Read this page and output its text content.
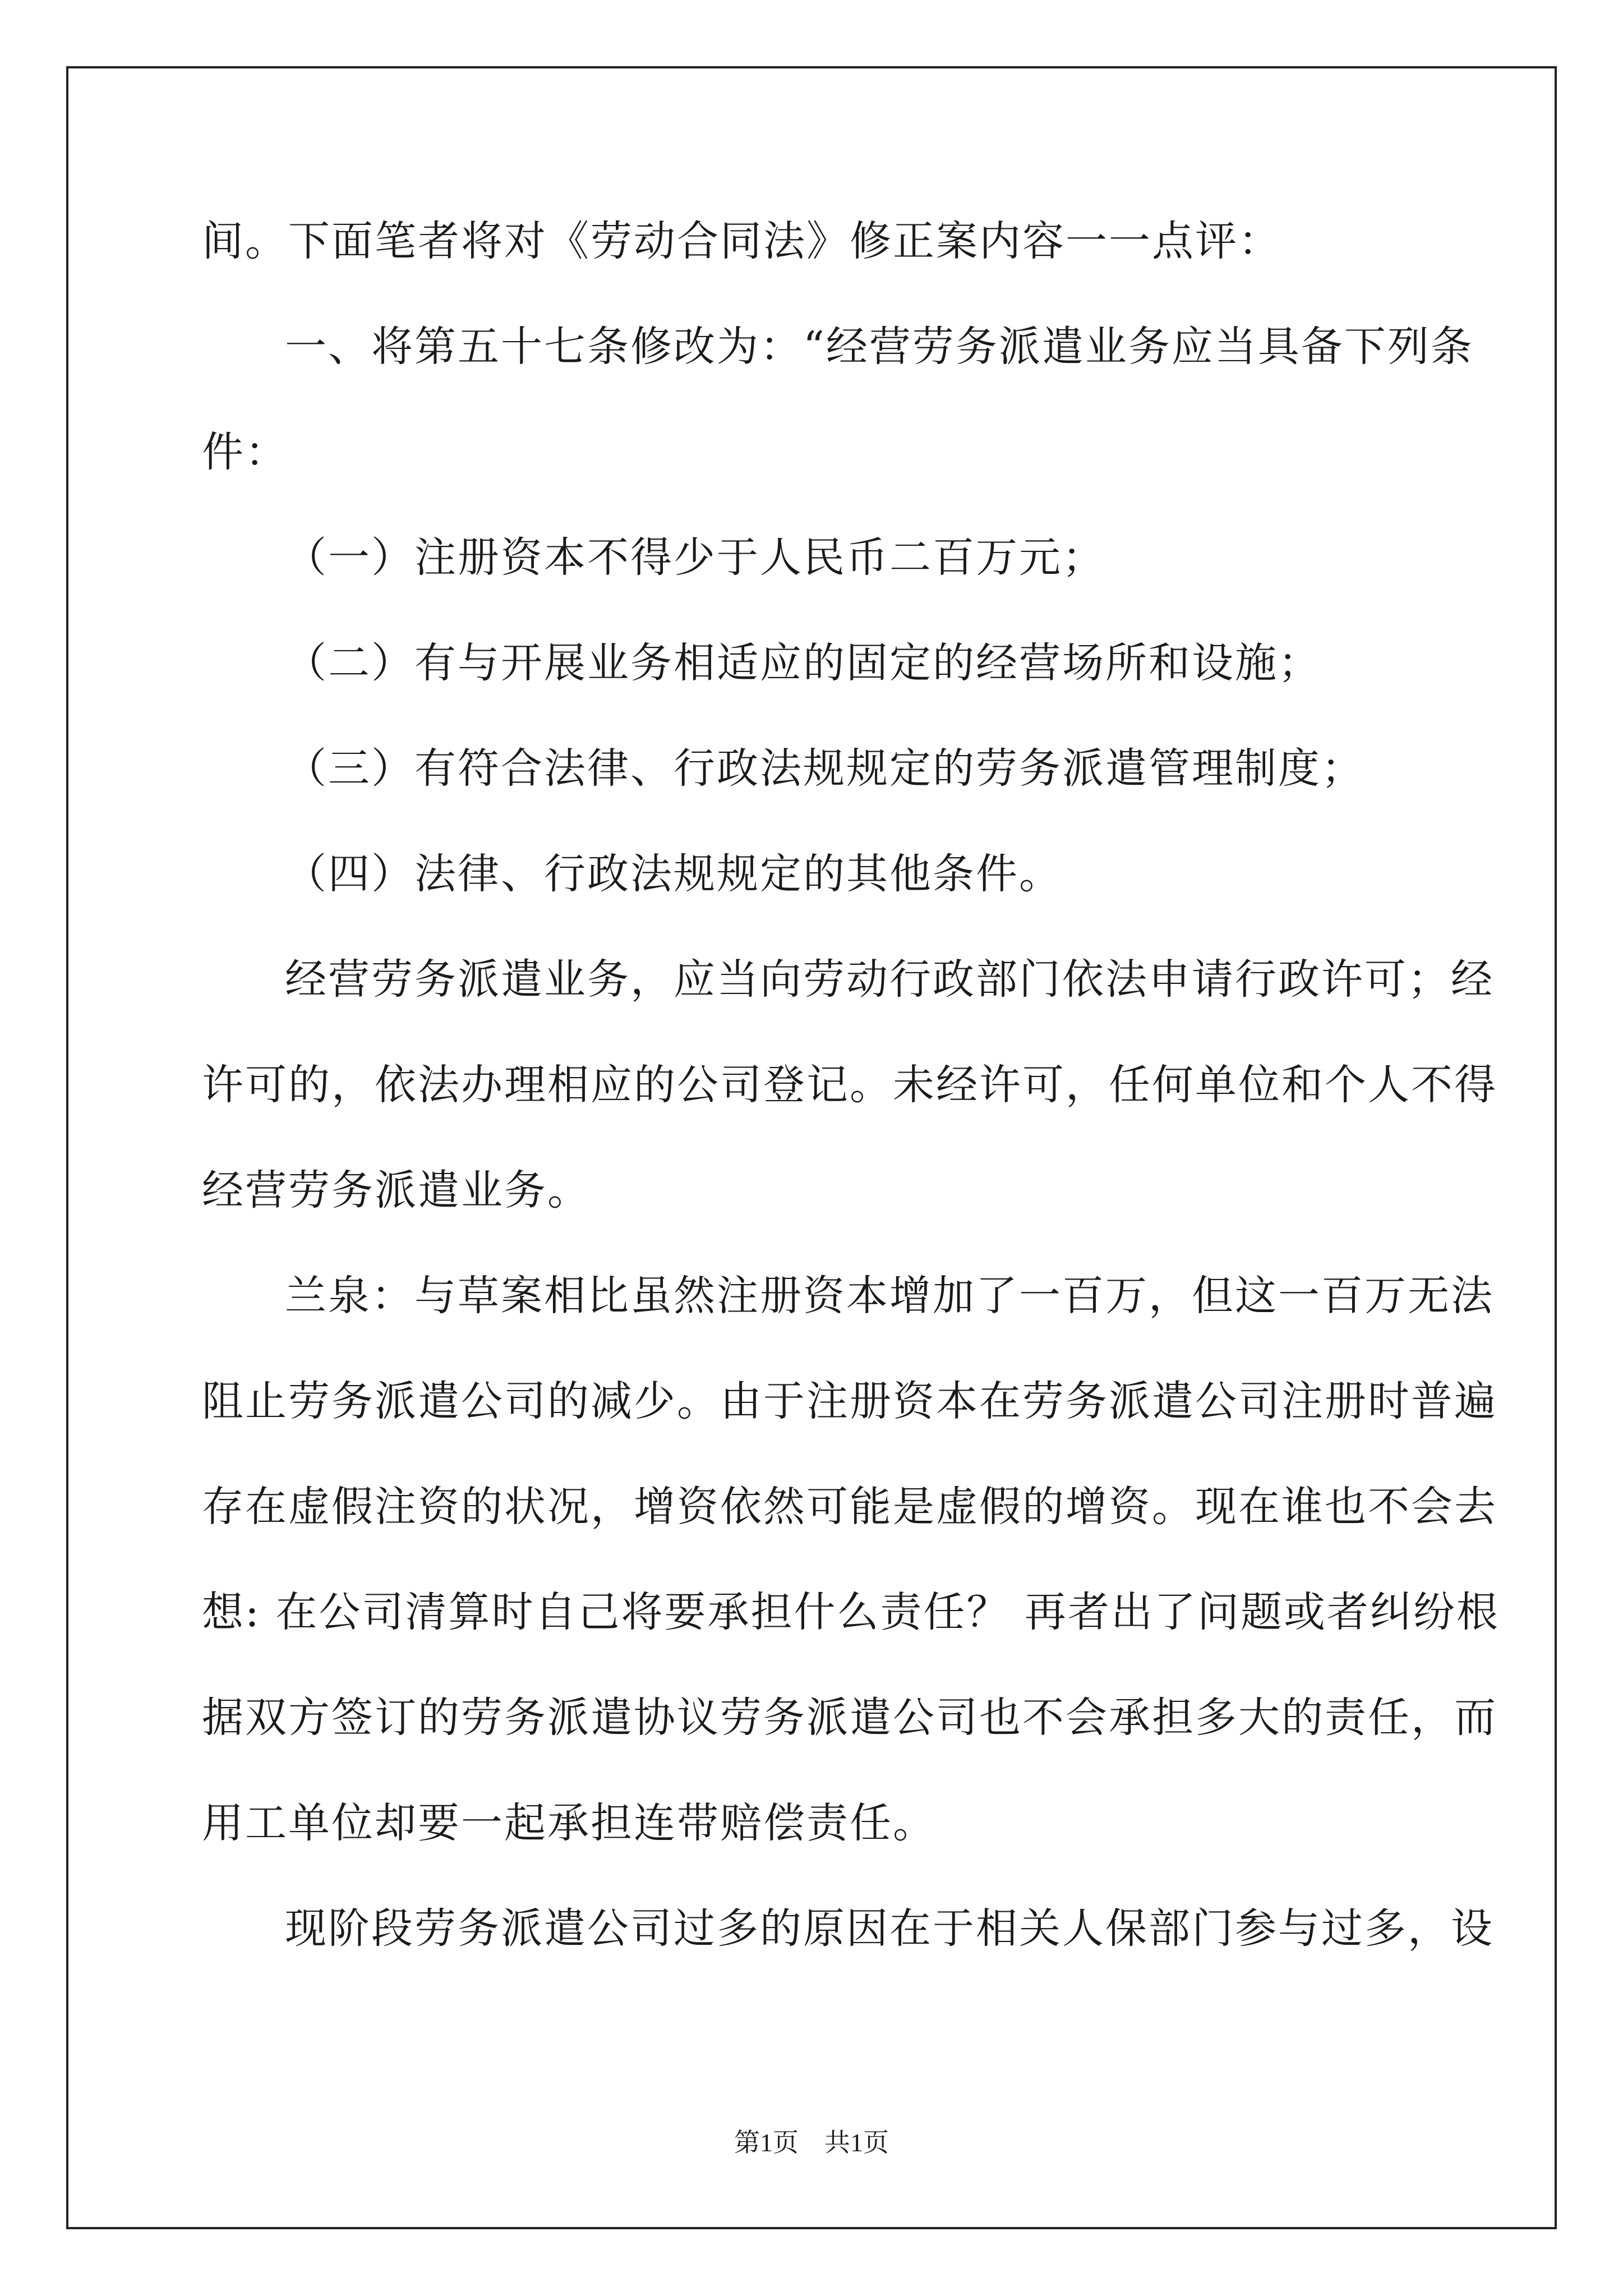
间。下面笔者将对《劳动合同法》修正案内容一一点评：
一、将第五十七条修改为：“经营劳务派遣业务应当具备下列条
件：
（一）注册资本不得少于人民币二百万元；
（二）有与开展业务相适应的固定的经营场所和设施；
（三）有符合法律、行政法规规定的劳务派遣管理制度；
（四）法律、行政法规规定的其他条件。
经营劳务派遣业务，应当向劳动行政部门依法申请行政许可；经
许可的，依法办理相应的公司登记。未经许可，任何单位和个人不得
经营劳务派遣业务。
兰泉：与草案相比虽然注册资本增加了一百万，但这一百万无法
阻止劳务派遣公司的减少。由于注册资本在劳务派遣公司注册时普遍
存在虚假注资的状况，增资依然可能是虚假的增资。现在谁也不会去
想: 在公司清算时自己将要承担什么责任？ 再者出了问题或者纠纷根
据双方签订的劳务派遣协议劳务派遣公司也不会承担多大的责任，而
用工单位却要一起承担连带赔偿责任。
现阶段劳务派遣公司过多的原因在于相关人保部门参与过多，设
第1页　共1页
